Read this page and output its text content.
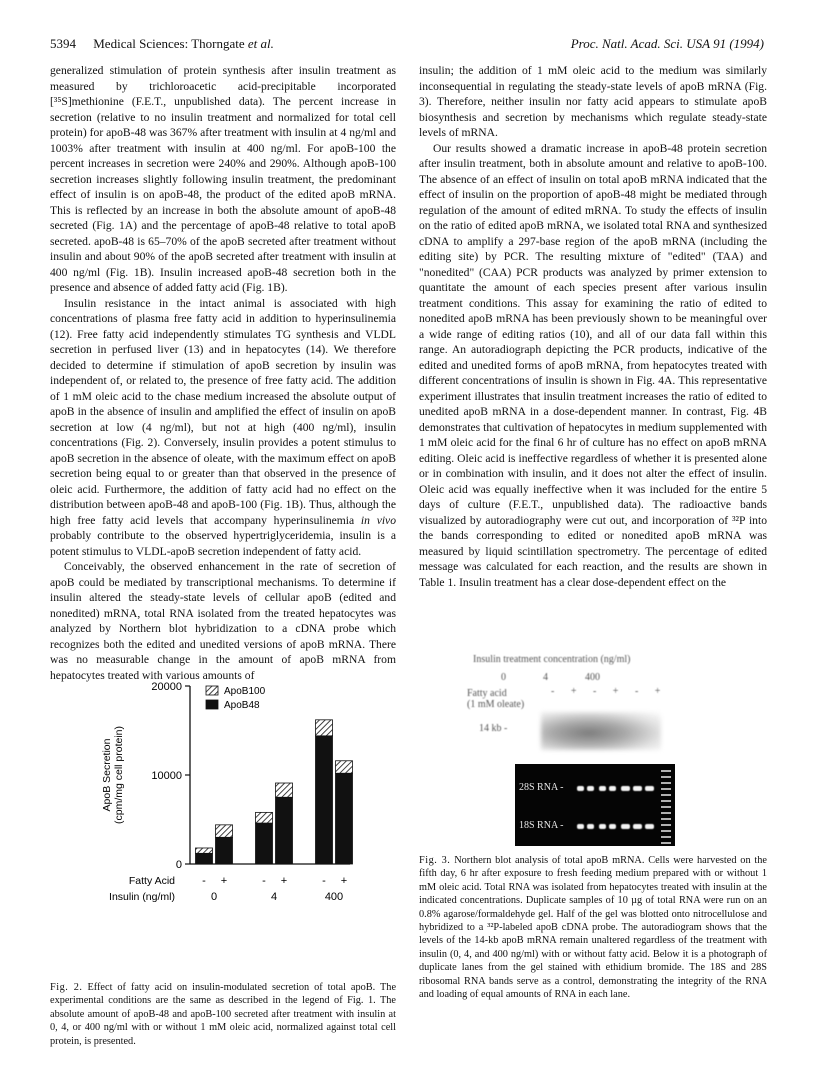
5394 Medical Sciences: Thorngate et al.	Proc. Natl. Acad. Sci. USA 91 (1994)

generalized stimulation of protein synthesis after insulin treatment as measured by trichloroacetic acid-precipitable incorporated [³⁵S]methionine (F.E.T., unpublished data). The percent increase in secretion (relative to no insulin treatment and normalized for total cell protein) for apoB-48 was 367% after treatment with insulin at 4 ng/ml and 1003% after treatment with insulin at 400 ng/ml. For apoB-100 the percent increases in secretion were 240% and 290%. Although apoB-100 secretion increases slightly following insulin treatment, the predominant effect of insulin is on apoB-48, the product of the edited apoB mRNA. This is reflected by an increase in both the absolute amount of apoB-48 secreted (Fig. 1A) and the percentage of apoB-48 relative to total apoB secreted. apoB-48 is 65–70% of the apoB secreted after treatment without insulin and about 90% of the apoB secreted after treatment with insulin at 400 ng/ml (Fig. 1B). Insulin increased apoB-48 secretion both in the presence and absence of added fatty acid (Fig. 1B).

Insulin resistance in the intact animal is associated with high concentrations of plasma free fatty acid in addition to hyperinsulinemia (12). Free fatty acid independently stimulates TG synthesis and VLDL secretion in perfused liver (13) and in hepatocytes (14). We therefore decided to determine if stimulation of apoB secretion by insulin was independent of, or related to, the presence of free fatty acid. The addition of 1 mM oleic acid to the chase medium increased the absolute output of apoB in the absence of insulin and amplified the effect of insulin on apoB secretion at low (4 ng/ml), but not at high (400 ng/ml), insulin concentrations (Fig. 2). Conversely, insulin provides a potent stimulus to apoB secretion in the absence of oleate, with the maximum effect on apoB secretion being equal to or greater than that observed in the presence of oleic acid. Furthermore, the addition of fatty acid had no effect on the distribution between apoB-48 and apoB-100 (Fig. 1B). Thus, although the high free fatty acid levels that accompany hyperinsulinemia in vivo probably contribute to the observed hypertriglyceridemia, insulin is a potent stimulus to VLDL-apoB secretion independent of fatty acid.

Conceivably, the observed enhancement in the rate of secretion of apoB could be mediated by transcriptional mechanisms. To determine if insulin altered the steady-state levels of cellular apoB (edited and nonedited) mRNA, total RNA isolated from the treated hepatocytes was analyzed by Northern blot hybridization to a cDNA probe which recognizes both the edited and unedited versions of apoB mRNA. There was no measurable change in the amount of apoB mRNA from hepatocytes treated with various amounts of

insulin; the addition of 1 mM oleic acid to the medium was similarly inconsequential in regulating the steady-state levels of apoB mRNA (Fig. 3). Therefore, neither insulin nor fatty acid appears to stimulate apoB biosynthesis and secretion by mechanisms which regulate steady-state levels of mRNA.

Our results showed a dramatic increase in apoB-48 protein secretion after insulin treatment, both in absolute amount and relative to apoB-100. The absence of an effect of insulin on total apoB mRNA indicated that the effect of insulin on the proportion of apoB-48 might be mediated through regulation of the amount of edited mRNA. To study the effects of insulin on the ratio of edited apoB mRNA, we isolated total RNA and synthesized cDNA to amplify a 297-base region of the apoB mRNA (including the editing site) by PCR. The resulting mixture of "edited" (TAA) and "nonedited" (CAA) PCR products was analyzed by primer extension to quantitate the amount of each species present after various insulin treatment conditions. This assay for examining the ratio of edited to nonedited apoB mRNA has been previously shown to be meaningful over a wide range of editing ratios (10), and all of our data fall within this range. An autoradiograph depicting the PCR products, indicative of the edited and unedited forms of apoB mRNA, from hepatocytes treated with different concentrations of insulin is shown in Fig. 4A. This representative experiment illustrates that insulin treatment increases the ratio of edited to unedited apoB mRNA in a dose-dependent manner. In contrast, Fig. 4B demonstrates that cultivation of hepatocytes in medium supplemented with 1 mM oleic acid for the final 6 hr of culture has no effect on apoB mRNA editing. Oleic acid is ineffective regardless of whether it is presented alone or in combination with insulin, and it does not alter the effect of insulin. Oleic acid was equally ineffective when it was included for the entire 5 days of culture (F.E.T., unpublished data). The radioactive bands visualized by autoradiography were cut out, and incorporation of ³²P into the bands corresponding to edited or nonedited apoB mRNA was measured by liquid scintillation spectrometry. The percentage of edited message was calculated for each reaction, and the results are shown in Table 1. Insulin treatment has a clear dose-dependent effect on the

0
10000
20000
ApoB Secretion(cpm/mg cell protein)
ApoB100
ApoB48
- +	- +	- +
Fatty Acid
Insulin (ng/ml)	0	4	400
Fig. 2. Effect of fatty acid on insulin-modulated secretion of total apoB. The experimental conditions are the same as described in the legend of Fig. 1. The absolute amount of apoB-48 and apoB-100 secreted after treatment with insulin at 0, 4, or 400 ng/ml with or without 1 mM oleic acid, normalized against total cell protein, is presented.
Insulin treatment concentration (ng/ml)
0	4	400
Fatty acid
(1 mM oleate)
- + - + - +
14 kb -
28S RNA -
18S RNA -
Fig. 3. Northern blot analysis of total apoB mRNA. Cells were harvested on the fifth day, 6 hr after exposure to fresh feeding medium prepared with or without 1 mM oleic acid. Total RNA was isolated from hepatocytes treated with insulin at the indicated concentrations. Duplicate samples of 10 µg of total RNA were run on an 0.8% agarose/formaldehyde gel. Half of the gel was blotted onto nitrocellulose and hybridized to a ³²P-labeled apoB cDNA probe. The autoradiogram shows that the levels of the 14-kb apoB mRNA remain unaltered regardless of the treatment with insulin (0, 4, and 400 ng/ml) with or without fatty acid. Below it is a photograph of duplicate lanes from the gel stained with ethidium bromide. The 18S and 28S ribosomal RNA bands serve as a control, demonstrating the integrity of the RNA and loading of equal amounts of RNA in each lane.
